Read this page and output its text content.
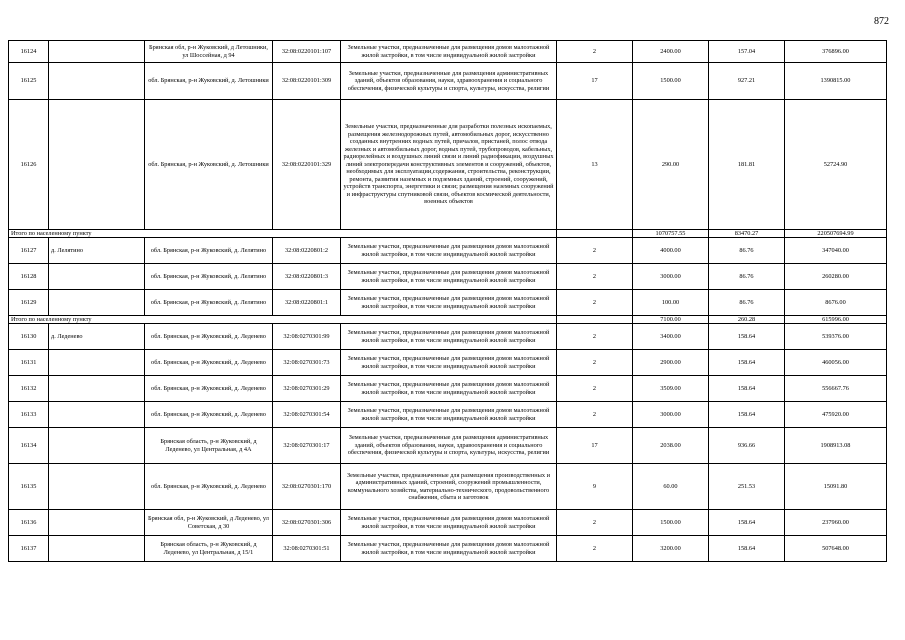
872
16124		Брянская обл, р-н Жуковский, д Летошники, ул Шоссейная, д 94	32:08:0220101:107	Земельные участки, предназначенные для размещения домов малоэтажной жилой застройки, в том числе индивидуальной жилой застройки	2	2400.00	157.04	376896.00
16125		обл. Брянская, р-н Жуковский, д. Летошники	32:08:0220101:309	Земельные участки, предназначенные для размещения административных зданий, объектов образования, науки, здравоохранения и социального обеспечения, физической культуры и спорта, культуры, искусства, религии	17	1500.00	927.21	1390815.00
16126		обл. Брянская, р-н Жуковский, д. Летошники	32:08:0220101:329	Земельные участки, предназначенные для разработки полезных ископаемых, размещения железнодорожных путей, автомобильных дорог, искусственно созданных внутренних водных путей, причалов, пристаней, полос отвода железных и автомобильных дорог, водных путей, трубопроводов, кабельных, радиорелейных и воздушных линий связи и линий радиофикации, воздушных линий электропередачи конструктивных элементов и сооружений, объектов, необходимых для эксплуатации,содержания, строительства, реконструкции, ремонта, развития наземных и подземных зданий, строений, сооружений, устройств транспорта, энергетики и связи; размещения наземных сооружений и инфраструктуры спутниковой связи, объектов космической деятельности, военных объектов	13	290.00	181.81	52724.90
Итого по населенному пункту						1070757.55	83470.27	220507694.99
16127	д. Лелятино	обл. Брянская, р-н Жуковский, д. Лелятино	32:08:0220801:2	Земельные участки, предназначенные для размещения домов малоэтажной жилой застройки, в том числе индивидуальной жилой застройки	2	4000.00	86.76	347040.00
16128		обл. Брянская, р-н Жуковский, д. Лелятино	32:08:0220801:3	Земельные участки, предназначенные для размещения домов малоэтажной жилой застройки, в том числе индивидуальной жилой застройки	2	3000.00	86.76	260280.00
16129		обл. Брянская, р-н Жуковский, д. Лелятино	32:08:0220801:1	Земельные участки, предназначенные для размещения домов малоэтажной жилой застройки, в том числе индивидуальной жилой застройки	2	100.00	86.76	8676.00
Итого по населенному пункту						7100.00	260.28	615996.00
16130	д. Леденево	обл. Брянская, р-н Жуковский, д. Леденево	32:08:0270301:99	Земельные участки, предназначенные для размещения домов малоэтажной жилой застройки, в том числе индивидуальной жилой застройки	2	3400.00	158.64	539376.00
16131		обл. Брянская, р-н Жуковский, д. Леденево	32:08:0270301:73	Земельные участки, предназначенные для размещения домов малоэтажной жилой застройки, в том числе индивидуальной жилой застройки	2	2900.00	158.64	460056.00
16132		обл. Брянская, р-н Жуковский, д. Леденево	32:08:0270301:29	Земельные участки, предназначенные для размещения домов малоэтажной жилой застройки, в том числе индивидуальной жилой застройки	2	3509.00	158.64	556667.76
16133		обл. Брянская, р-н Жуковский, д. Леденево	32:08:0270301:54	Земельные участки, предназначенные для размещения домов малоэтажной жилой застройки, в том числе индивидуальной жилой застройки	2	3000.00	158.64	475920.00
16134		Брянская область, р-н Жуковский, д Леденево, ул Центральная, д 4А	32:08:0270301:17	Земельные участки, предназначенные для размещения административных зданий, объектов образования, науки, здравоохранения и социального обеспечения, физической культуры и спорта, культуры, искусства, религии	17	2038.00	936.66	1908913.08
16135		обл. Брянская, р-н Жуковский, д. Леденево	32:08:0270301:170	Земельные участки, предназначенные для размещения производственных и административных зданий, строений, сооружений промышленности, коммунального хозяйства, материально-технического, продовольственного снабжения, сбыта и заготовок	9	60.00	251.53	15091.80
16136		Брянская обл, р-н Жуковский, д Леденево, ул Советская, д 30	32:08:0270301:306	Земельные участки, предназначенные для размещения домов малоэтажной жилой застройки, в том числе индивидуальной жилой застройки	2	1500.00	158.64	237960.00
16137		Брянская область, р-н Жуковский, д Леденево, ул Центральная, д 15/1	32:08:0270301:51	Земельные участки, предназначенные для размещения домов малоэтажной жилой застройки, в том числе индивидуальной жилой застройки	2	3200.00	158.64	507648.00
